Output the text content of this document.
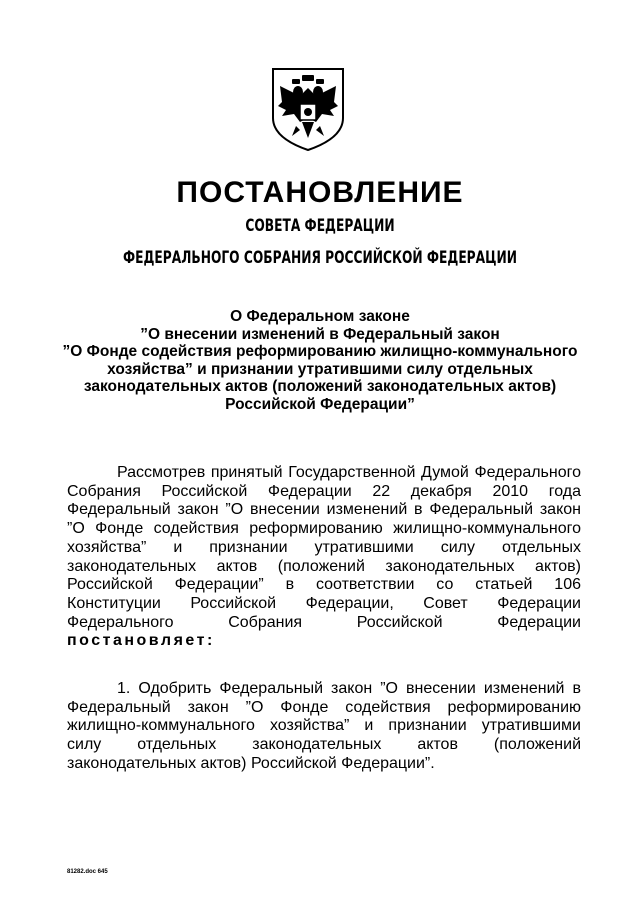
ПОСТАНОВЛЕНИЕ
СОВЕТА ФЕДЕРАЦИИ
ФЕДЕРАЛЬНОГО СОБРАНИЯ РОССИЙСКОЙ ФЕДЕРАЦИИ
О Федеральном законе
”О внесении изменений в Федеральный закон
”О Фонде содействия реформированию жилищно-коммунального
хозяйства” и признании утратившими силу отдельных
законодательных актов (положений законодательных актов)
Российской Федерации”
Рассмотрев принятый Государственной Думой Федерального
Собрания Российской Федерации 22 декабря 2010 года
Федеральный закон ”О внесении изменений в Федеральный закон
”О Фонде содействия реформированию жилищно-коммунального
хозяйства” и признании утратившими силу отдельных
законодательных актов (положений законодательных актов)
Российской Федерации” в соответствии со статьей 106
Конституции Российской Федерации, Совет Федерации
Федерального Собрания Российской Федерации
постановляет:
1. Одобрить Федеральный закон ”О внесении изменений в
Федеральный закон ”О Фонде содействия реформированию
жилищно-коммунального хозяйства” и признании утратившими
силу отдельных законодательных актов (положений
законодательных актов) Российской Федерации”.
81282.doc 645
